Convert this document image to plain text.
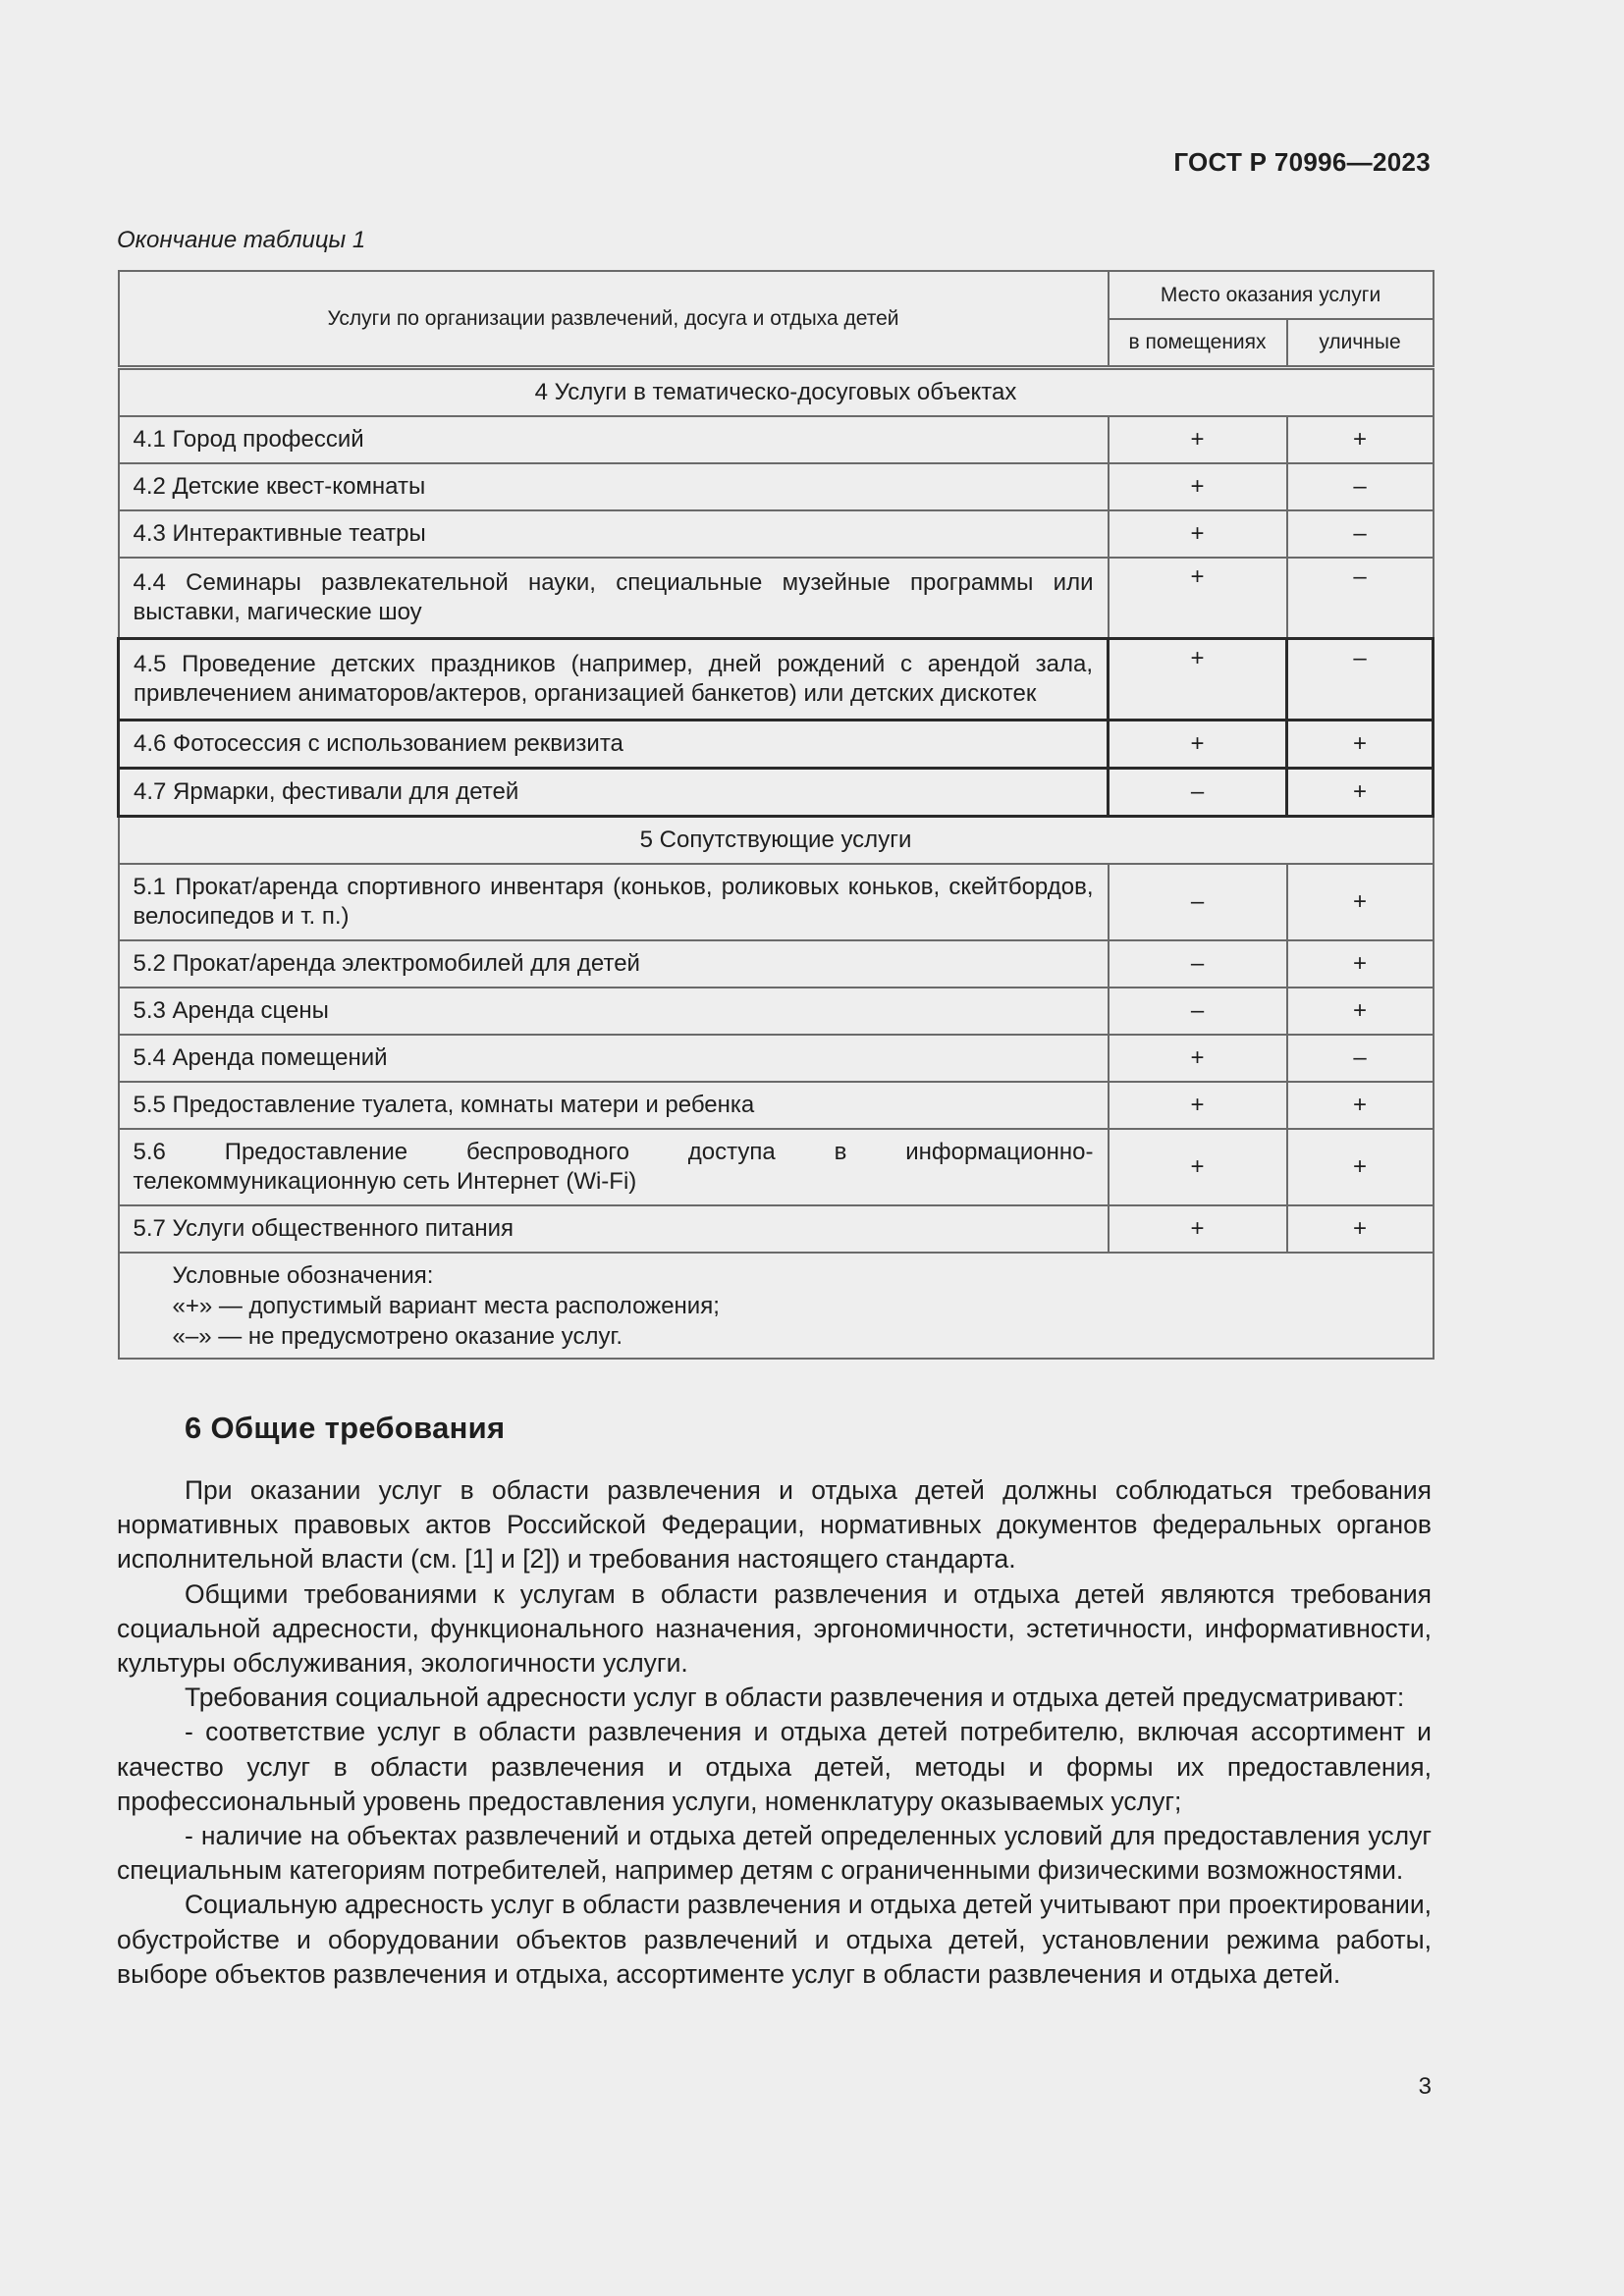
ГОСТ Р 70996—2023
Окончание таблицы 1
Услуги по организации развлечений, досуга и отдыха детей	Место оказания услуги	
	в помещениях	уличные
4 Услуги в тематическо-досуговых объектах		
4.1 Город профессий	+	+
4.2 Детские квест-комнаты	+	–
4.3 Интерактивные театры	+	–
4.4 Семинары развлекательной науки, специальные музейные программы или выставки, магические шоу	+	–
4.5 Проведение детских праздников (например, дней рождений с арендой зала, привлечением аниматоров/актеров, организацией банкетов) или детских дискотек	+	–
4.6 Фотосессия с использованием реквизита	+	+
4.7 Ярмарки, фестивали для детей	–	+
5 Сопутствующие услуги		
5.1 Прокат/аренда спортивного инвентаря (коньков, роликовых коньков, скейтбордов, велосипедов и т. п.)	–	+
5.2 Прокат/аренда электромобилей для детей	–	+
5.3 Аренда сцены	–	+
5.4 Аренда помещений	+	–
5.5 Предоставление туалета, комнаты матери и ребенка	+	+
5.6 Предоставление беспроводного доступа в информационно-телекоммуникационную сеть Интернет (Wi-Fi)	+	+
5.7 Услуги общественного питания	+	+

Условные обозначения:
«+» — допустимый вариант места расположения;
«–» — не предусмотрено оказание услуг.		
6 Общие требования

При оказании услуг в области развлечения и отдыха детей должны соблюдаться требования нормативных правовых актов Российской Федерации, нормативных документов федеральных органов исполнительной власти (см. [1] и [2]) и требования настоящего стандарта.

Общими требованиями к услугам в области развлечения и отдыха детей являются требования социальной адресности, функционального назначения, эргономичности, эстетичности, информативности, культуры обслуживания, экологичности услуги.

Требования социальной адресности услуг в области развлечения и отдыха детей предусматривают:

- соответствие услуг в области развлечения и отдыха детей потребителю, включая ассортимент и качество услуг в области развлечения и отдыха детей, методы и формы их предоставления, профессиональный уровень предоставления услуги, номенклатуру оказываемых услуг;

- наличие на объектах развлечений и отдыха детей определенных условий для предоставления услуг специальным категориям потребителей, например детям с ограниченными физическими возможностями.

Социальную адресность услуг в области развлечения и отдыха детей учитывают при проектировании, обустройстве и оборудовании объектов развлечений и отдыха детей, установлении режима работы, выборе объектов развлечения и отдыха, ассортименте услуг в области развлечения и отдыха детей.

3
